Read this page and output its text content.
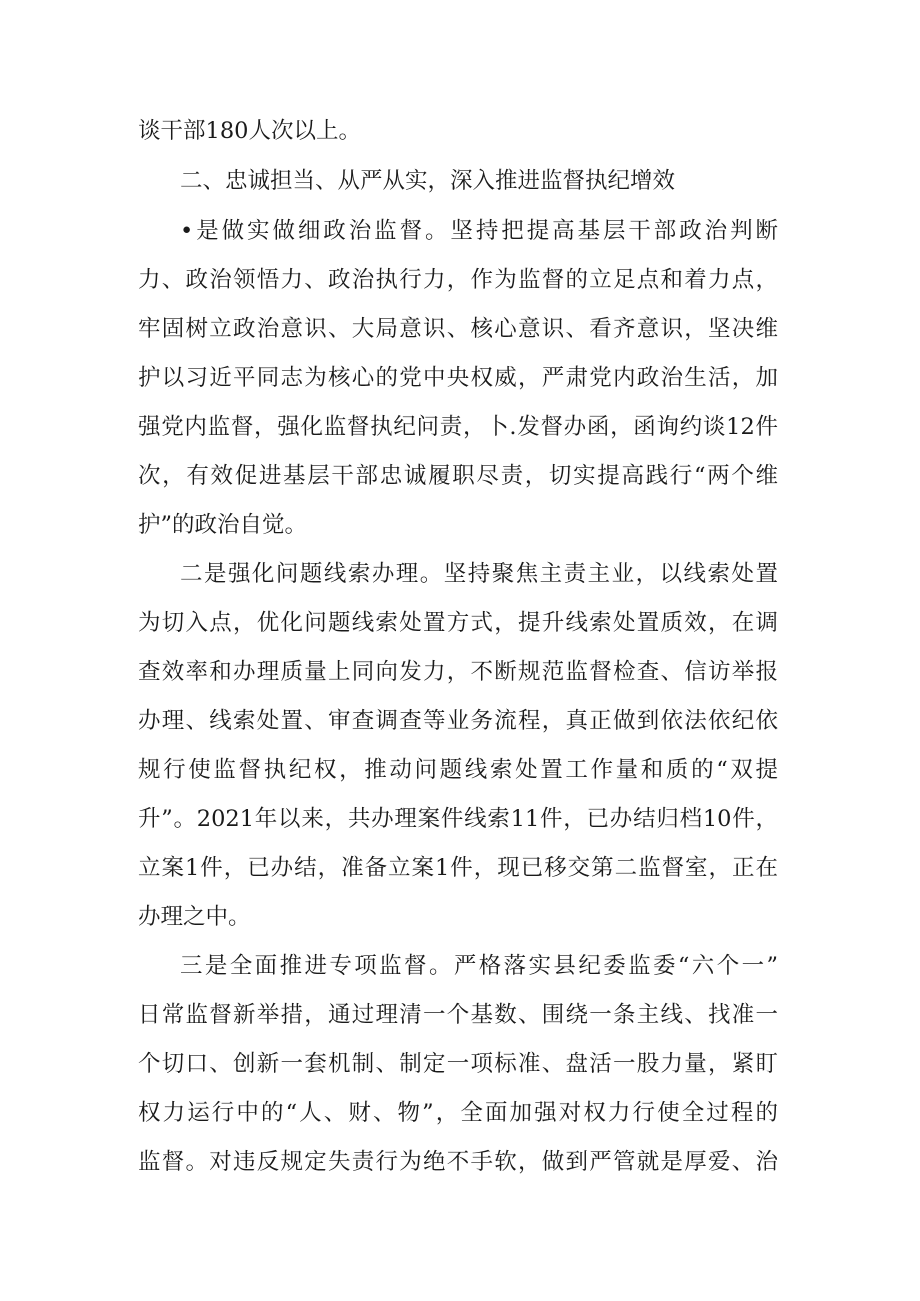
谈干部180人次以上。
二、忠诚担当、从严从实，深入推进监督执纪增效
•是做实做细政治监督。坚持把提高基层干部政治判断
力、政治领悟力、政治执行力，作为监督的立足点和着力点，
牢固树立政治意识、大局意识、核心意识、看齐意识，坚决维
护以习近平同志为核心的党中央权威，严肃党内政治生活，加
强党内监督，强化监督执纪问责，卜.发督办函，函询约谈12件
次，有效促进基层干部忠诚履职尽责，切实提高践行“两个维
护”的政治自觉。
二是强化问题线索办理。坚持聚焦主责主业，以线索处置
为切入点，优化问题线索处置方式，提升线索处置质效，在调
查效率和办理质量上同向发力，不断规范监督检查、信访举报
办理、线索处置、审查调查等业务流程，真正做到依法依纪依
规行使监督执纪权，推动问题线索处置工作量和质的“双提
升”。2021年以来，共办理案件线索11件，已办结归档10件，
立案1件，已办结，准备立案1件，现已移交第二监督室，正在
办理之中。
三是全面推进专项监督。严格落实县纪委监委“六个一”
日常监督新举措，通过理清一个基数、围绕一条主线、找准一
个切口、创新一套机制、制定一项标准、盘活一股力量，紧盯
权力运行中的“人、财、物”，全面加强对权力行使全过程的
监督。对违反规定失责行为绝不手软，做到严管就是厚爱、治
